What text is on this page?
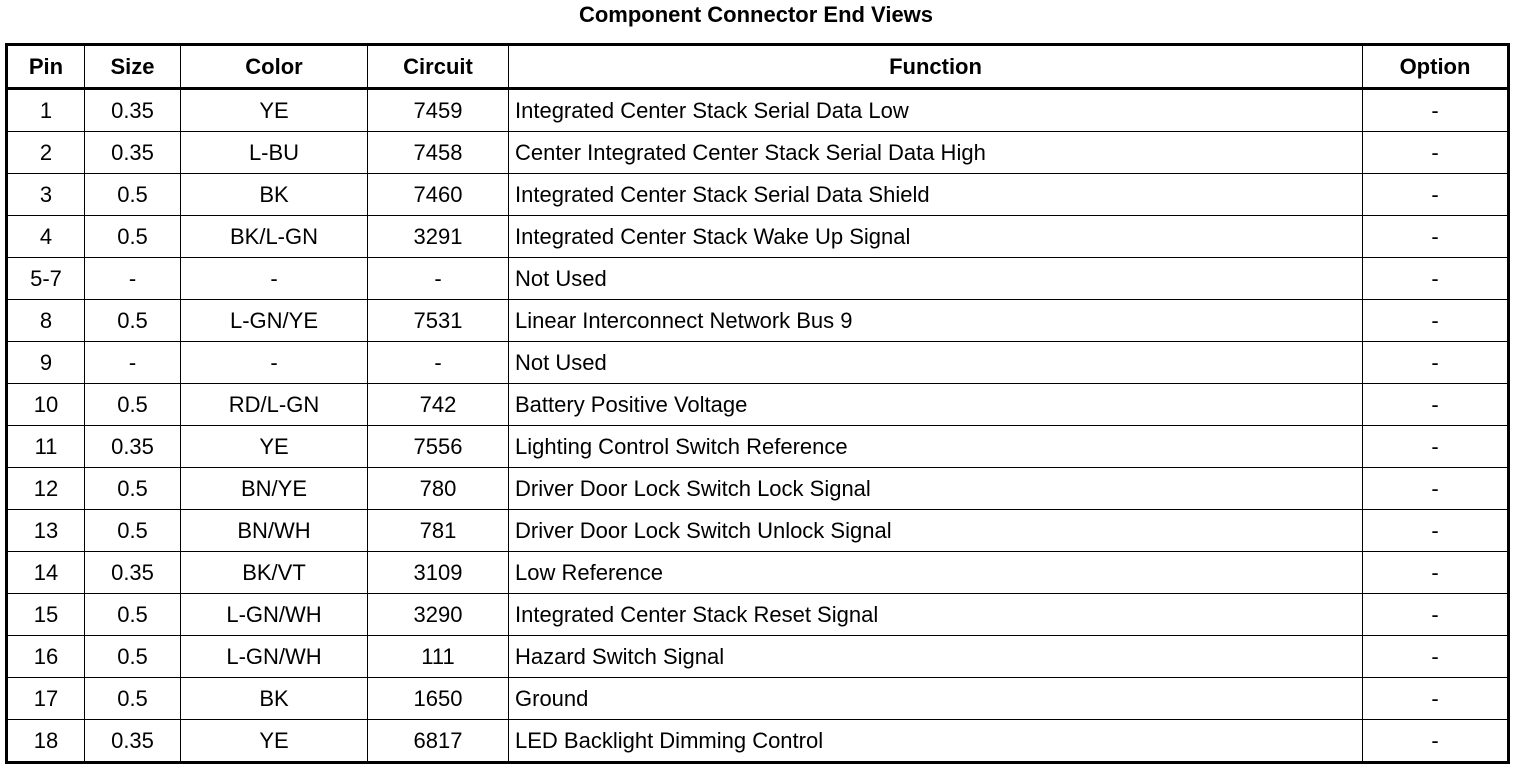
Component Connector End Views
Pin	Size	Color	Circuit	Function	Option
1	0.35	YE	7459	Integrated Center Stack Serial Data Low	-
2	0.35	L-BU	7458	Center Integrated Center Stack Serial Data High	-
3	0.5	BK	7460	Integrated Center Stack Serial Data Shield	-
4	0.5	BK/L-GN	3291	Integrated Center Stack Wake Up Signal	-
5-7	-	-	-	Not Used	-
8	0.5	L-GN/YE	7531	Linear Interconnect Network Bus 9	-
9	-	-	-	Not Used	-
10	0.5	RD/L-GN	742	Battery Positive Voltage	-
11	0.35	YE	7556	Lighting Control Switch Reference	-
12	0.5	BN/YE	780	Driver Door Lock Switch Lock Signal	-
13	0.5	BN/WH	781	Driver Door Lock Switch Unlock Signal	-
14	0.35	BK/VT	3109	Low Reference	-
15	0.5	L-GN/WH	3290	Integrated Center Stack Reset Signal	-
16	0.5	L-GN/WH	111	Hazard Switch Signal	-
17	0.5	BK	1650	Ground	-
18	0.35	YE	6817	LED Backlight Dimming Control	-
